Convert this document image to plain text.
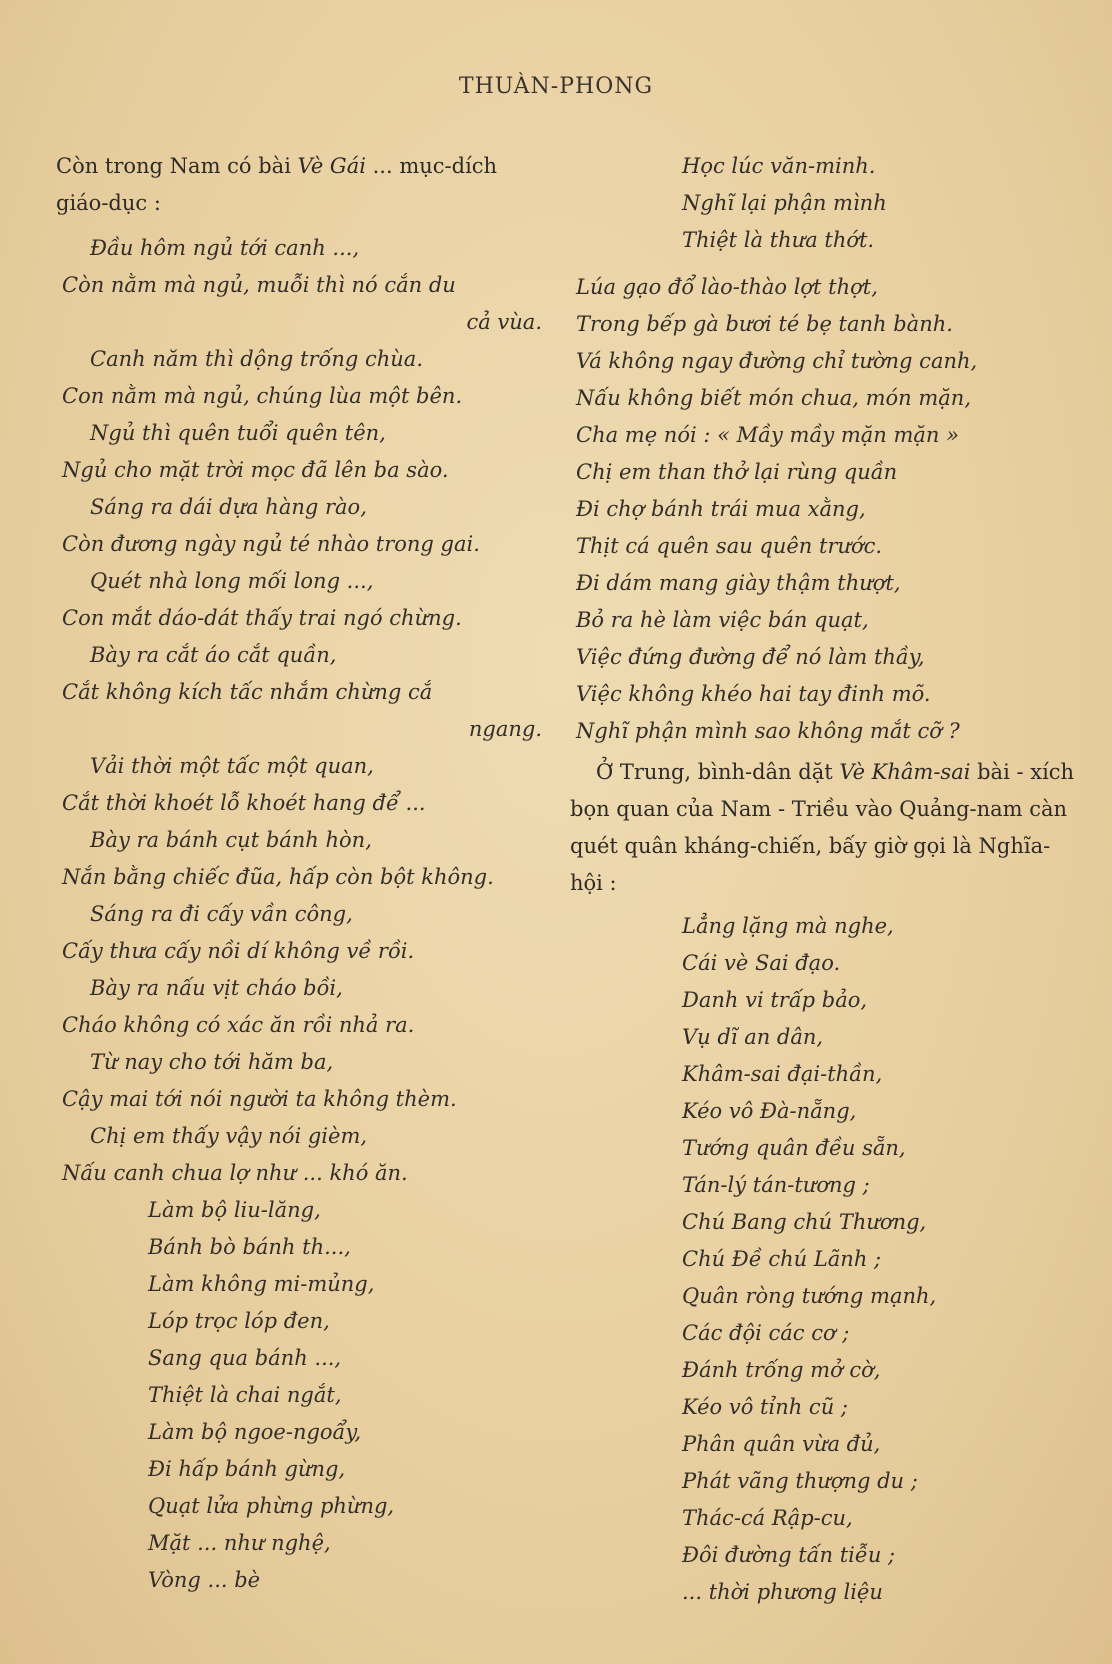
THUÀN-PHONG
Còn trong Nam có bài Vè Gái ... mục-dích giáo-dục :
Đầu hôm ngủ tới canh ...,
Còn nằm mà ngủ, muỗi thì nó cắn du
cả vùa.
Canh năm thì dộng trống chùa.
Con nằm mà ngủ, chúng lùa một bên.
Ngủ thì quên tuổi quên tên,
Ngủ cho mặt trời mọc đã lên ba sào.
Sáng ra dái dựa hàng rào,
Còn đương ngày ngủ té nhào trong gai.
Quét nhà long mối long ...,
Con mắt dáo-dát thấy trai ngó chừng.
Bày ra cắt áo cắt quần,
Cắt không kích tấc nhắm chừng cắ
ngang.
Vải thời một tấc một quan,
Cắt thời khoét lỗ khoét hang để ...
Bày ra bánh cụt bánh hòn,
Nắn bằng chiếc đũa, hấp còn bột không.
Sáng ra đi cấy vần công,
Cấy thưa cấy nồi dí không về rồi.
Bày ra nấu vịt cháo bồi,
Cháo không có xác ăn rồi nhả ra.
Từ nay cho tới hăm ba,
Cậy mai tới nói người ta không thèm.
Chị em thấy vậy nói gièm,
Nấu canh chua lợ như ... khó ăn.
Làm bộ liu-lăng,
Bánh bò bánh th...,
Làm không mi-mủng,
Lóp trọc lóp đen,
Sang qua bánh ...,
Thiệt là chai ngắt,
Làm bộ ngoe-ngoẩy,
Đi hấp bánh gừng,
Quạt lửa phừng phừng,
Mặt ... như nghệ,
Vòng ... bè
Học lúc văn-minh.
Nghĩ lại phận mình
Thiệt là thưa thớt.
Lúa gạo đổ lào-thào lợt thợt,
Trong bếp gà bươi té bẹ tanh bành.
Vá không ngay đường chỉ tường canh,
Nấu không biết món chua, món mặn,
Cha mẹ nói : « Mầy mầy mặn mặn »
Chị em than thở lại rùng quần
Đi chợ bánh trái mua xằng,
Thịt cá quên sau quên trước.
Đi dám mang giày thậm thượt,
Bỏ ra hè làm việc bán quạt,
Việc đứng đường để nó làm thầy,
Việc không khéo hai tay đinh mõ.
Nghĩ phận mình sao không mắt cỡ ?
Ở Trung, bình-dân dặt Vè Khâm-sai bài - xích bọn quan của Nam - Triều vào Quảng-nam càn quét quân kháng-chiến, bấy giờ gọi là Nghĩa-hội :
Lẳng lặng mà nghe,
Cái vè Sai đạo.
Danh vi trấp bảo,
Vụ dĩ an dân,
Khâm-sai đại-thần,
Kéo vô Đà-nẵng,
Tướng quân đều sẵn,
Tán-lý tán-tương ;
Chú Bang chú Thương,
Chú Đề chú Lãnh ;
Quân ròng tướng mạnh,
Các đội các cơ ;
Đánh trống mở cờ,
Kéo vô tỉnh cũ ;
Phân quân vừa đủ,
Phát vãng thượng du ;
Thác-cá Rập-cu,
Đôi đường tấn tiễu ;
... thời phương liệu
